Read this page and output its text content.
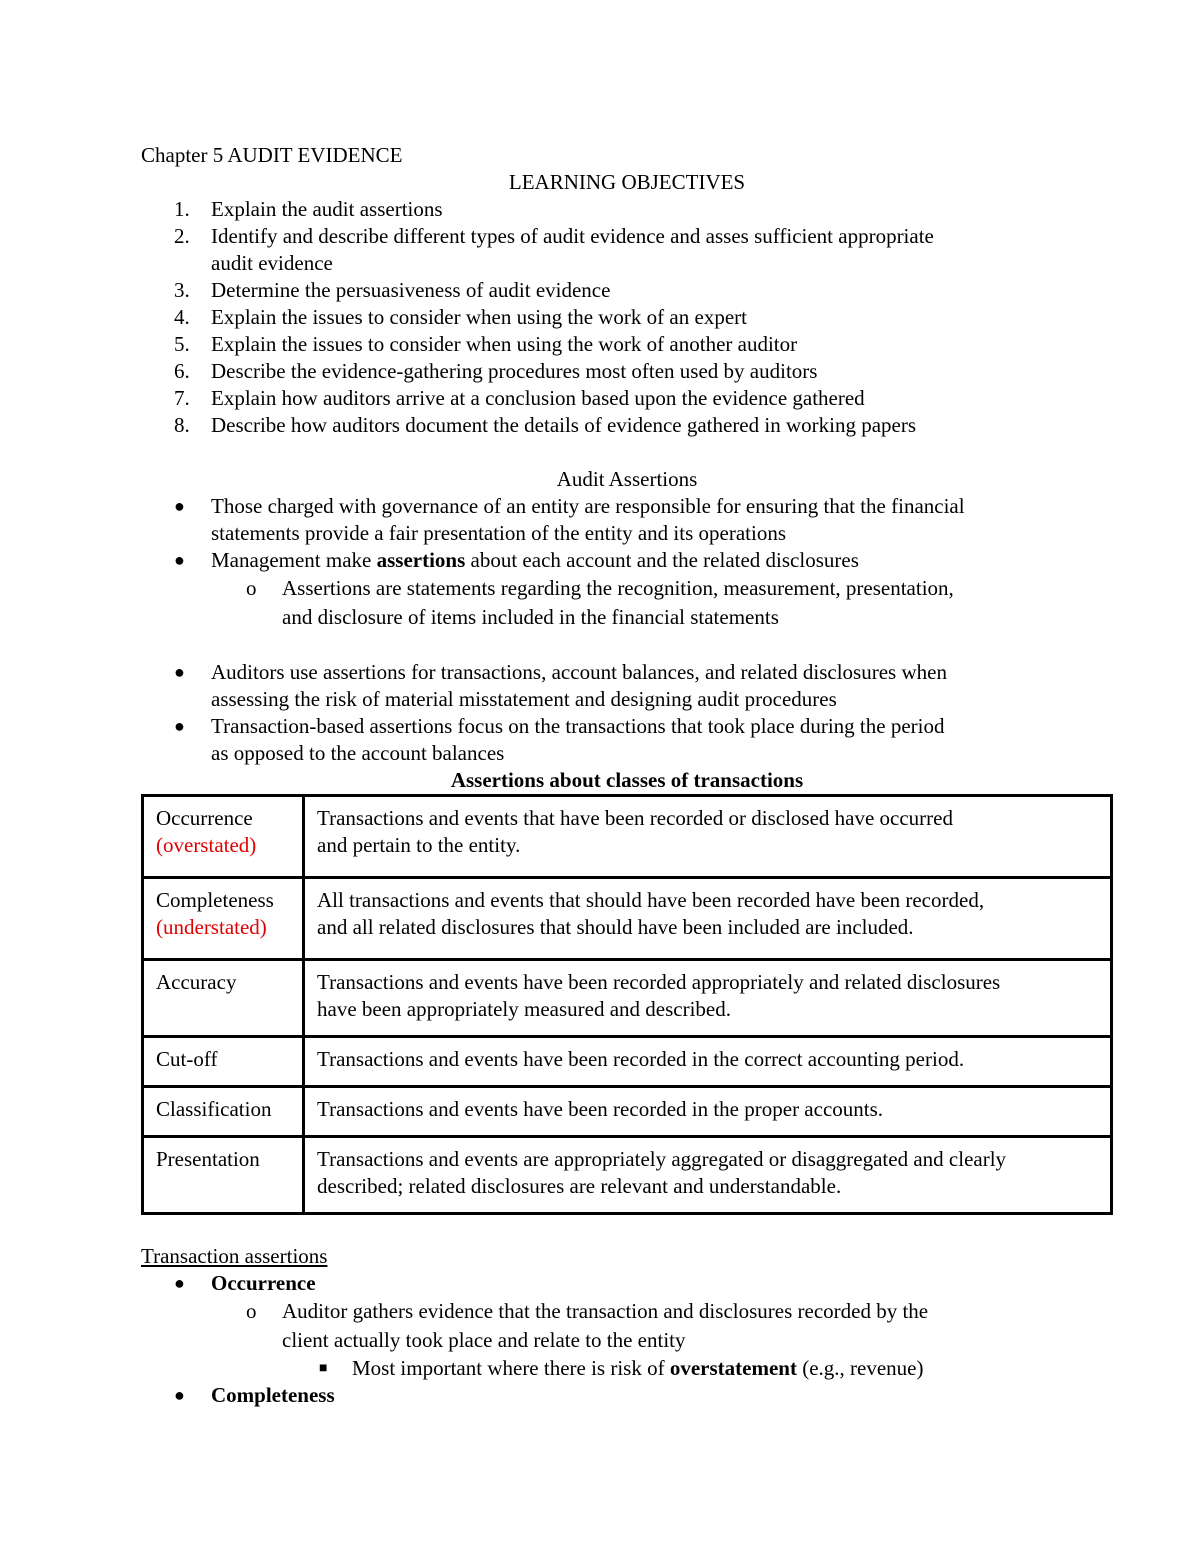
Chapter 5 AUDIT EVIDENCE

LEARNING OBJECTIVES

1. Explain the audit assertions
2. Identify and describe different types of audit evidence and asses sufficient appropriate
audit evidence
3. Determine the persuasiveness of audit evidence
4. Explain the issues to consider when using the work of an expert
5. Explain the issues to consider when using the work of another auditor
6. Describe the evidence-gathering procedures most often used by auditors
7. Explain how auditors arrive at a conclusion based upon the evidence gathered
8. Describe how auditors document the details of evidence gathered in working papers

Audit Assertions

● Those charged with governance of an entity are responsible for ensuring that the financial
statements provide a fair presentation of the entity and its operations
● Management make assertions about each account and the related disclosures
o Assertions are statements regarding the recognition, measurement, presentation,
and disclosure of items included in the financial statements
● Auditors use assertions for transactions, account balances, and related disclosures when
assessing the risk of material misstatement and designing audit procedures
● Transaction-based assertions focus on the transactions that took place during the period
as opposed to the account balances

Assertions about classes of transactions

Occurrence
(overstated)	Transactions and events that have been recorded or disclosed have occurred
and pertain to the entity.
Completeness
(understated)	All transactions and events that should have been recorded have been recorded,
and all related disclosures that should have been included are included.
Accuracy	Transactions and events have been recorded appropriately and related disclosures
have been appropriately measured and described.
Cut-off	Transactions and events have been recorded in the correct accounting period.
Classification	Transactions and events have been recorded in the proper accounts.
Presentation	Transactions and events are appropriately aggregated or disaggregated and clearly
described; related disclosures are relevant and understandable.

Transaction assertions

● Occurrence
o Auditor gathers evidence that the transaction and disclosures recorded by the
client actually took place and relate to the entity
■ Most important where there is risk of overstatement (e.g., revenue)
● Completeness
